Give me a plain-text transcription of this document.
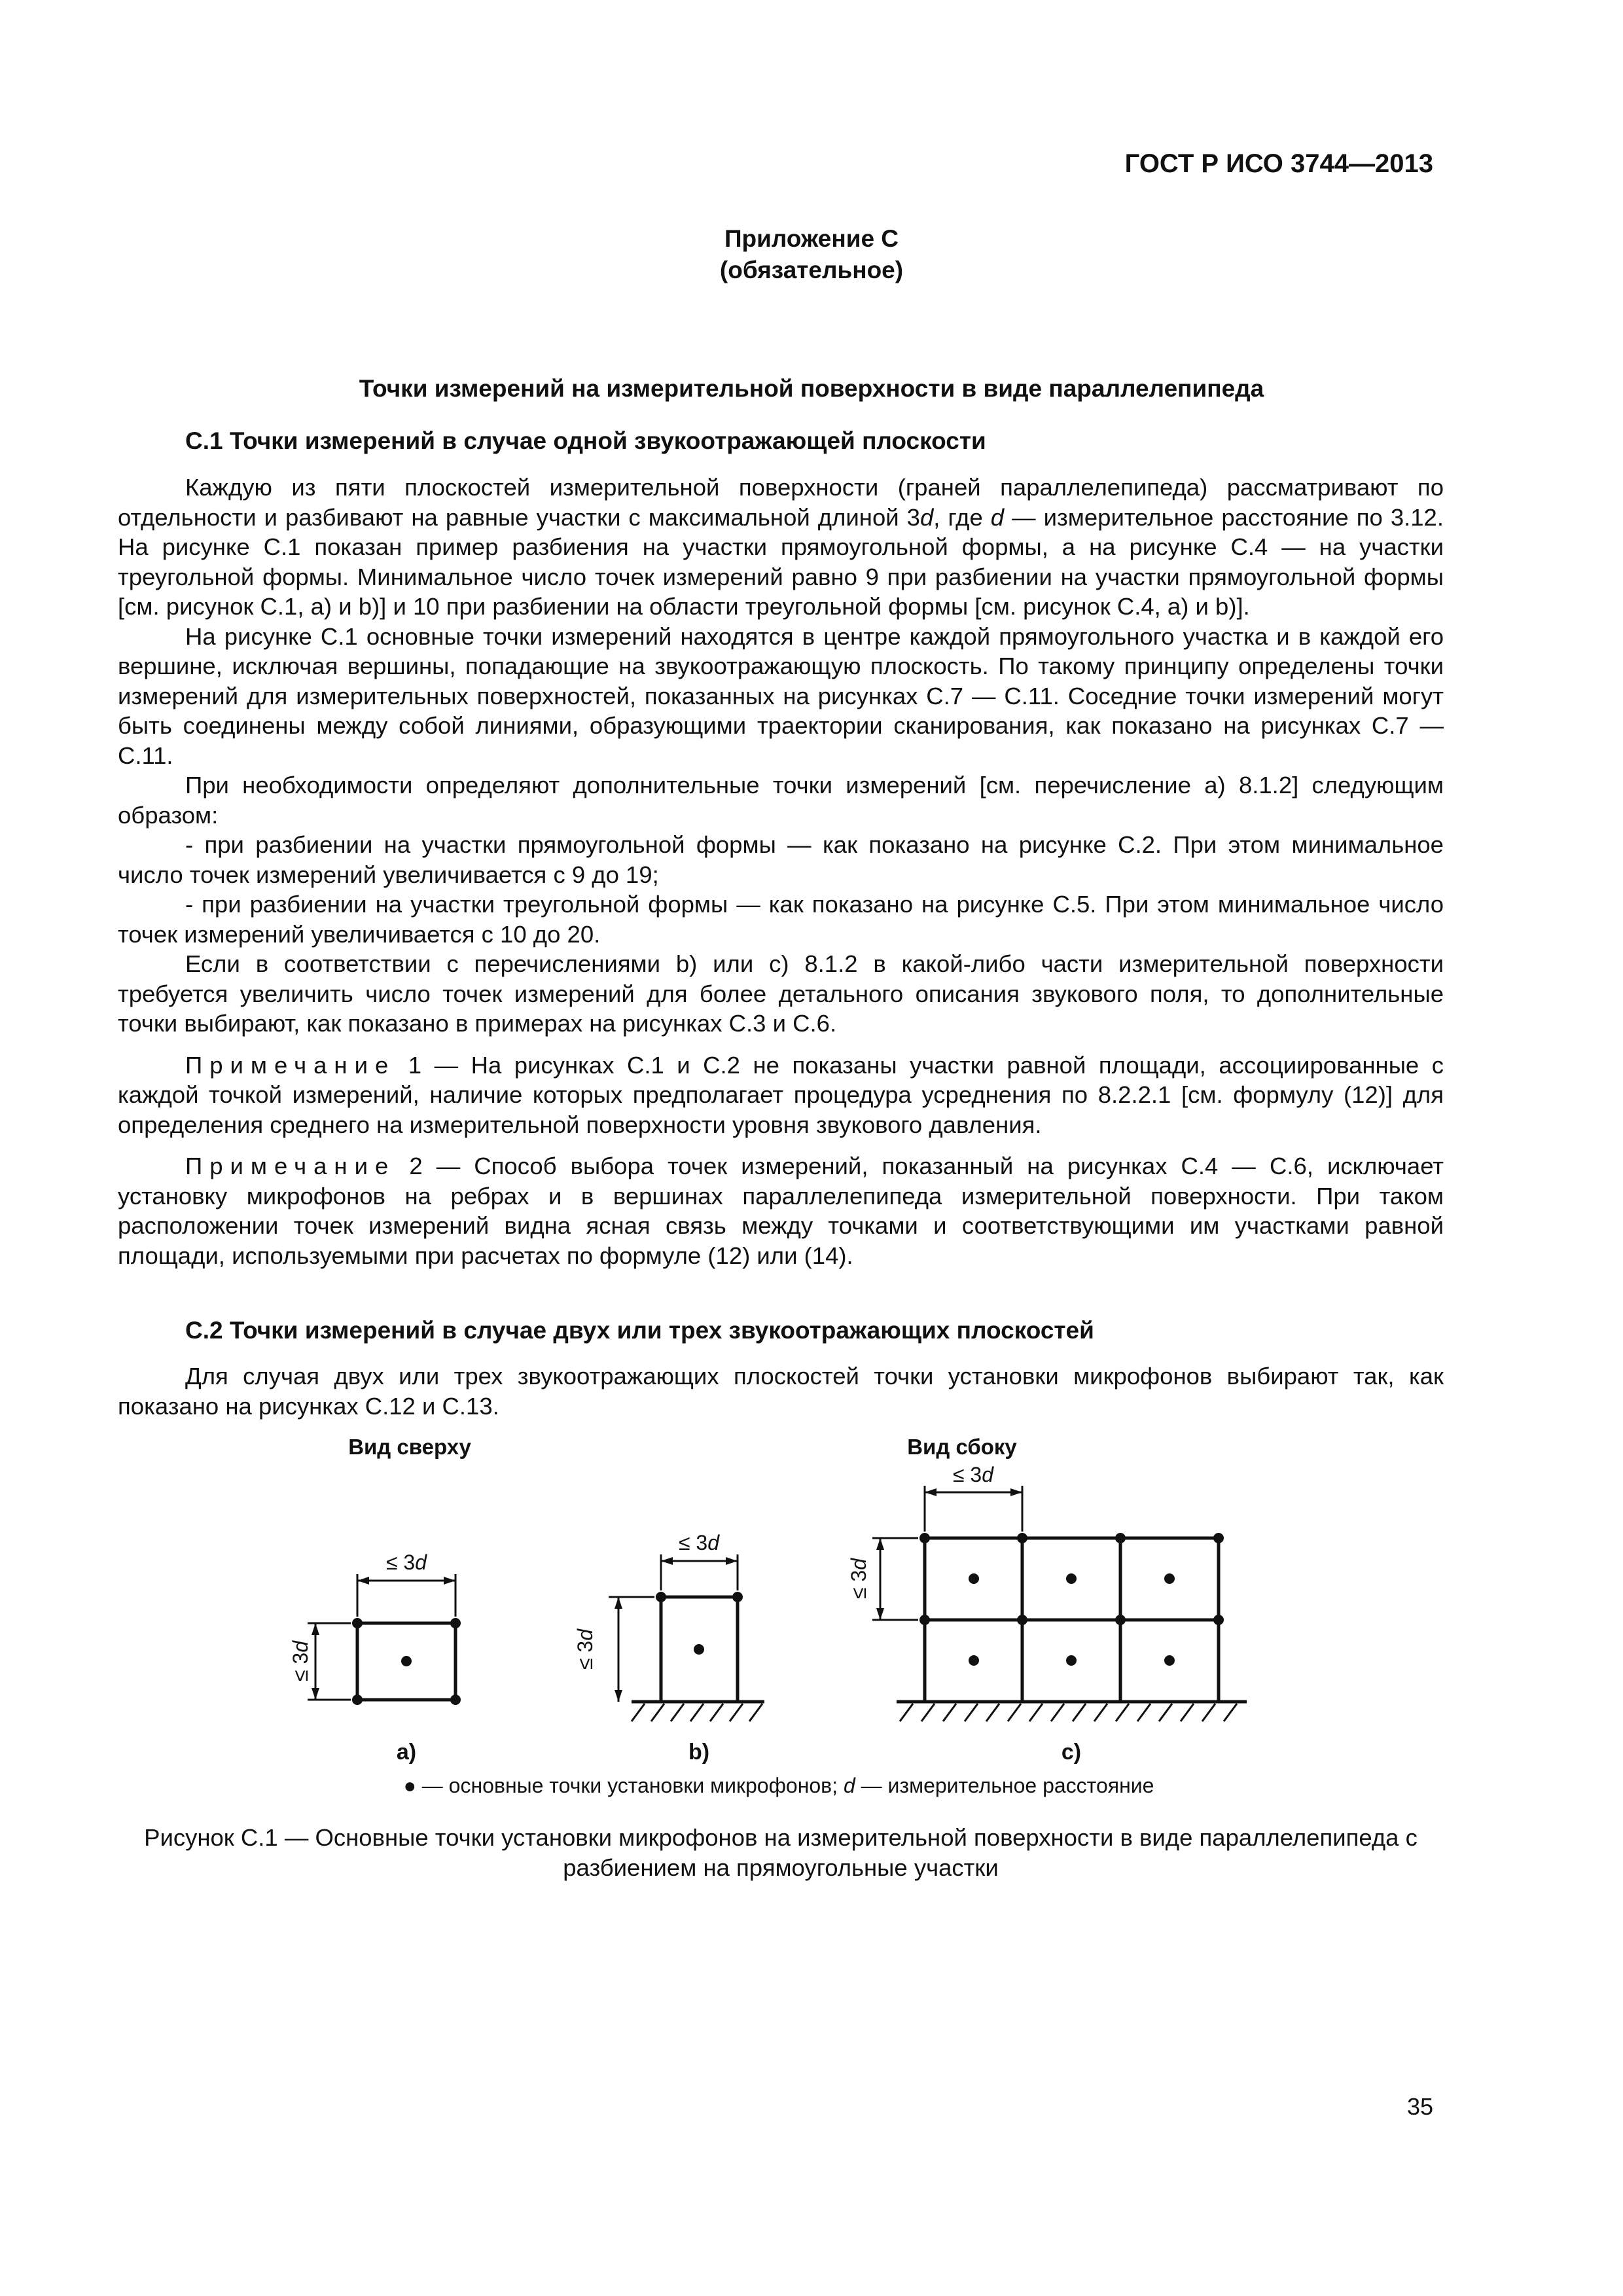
ГОСТ Р ИСО 3744—2013
Приложение С
(обязательное)
Точки измерений на измерительной поверхности в виде параллелепипеда
С.1 Точки измерений в случае одной звукоотражающей плоскости

Каждую из пяти плоскостей измерительной поверхности (граней параллелепипеда) рассматривают по отдельности и разбивают на равные участки с максимальной длиной 3d, где d — измерительное расстояние по 3.12. На рисунке С.1 показан пример разбиения на участки прямоугольной формы, а на рисунке С.4 — на участки треугольной формы. Минимальное число точек измерений равно 9 при разбиении на участки прямоугольной формы [см. рисунок С.1, а) и b)] и 10 при разбиении на области треугольной формы [см. рисунок С.4, а) и b)].

На рисунке С.1 основные точки измерений находятся в центре каждой прямоугольного участка и в каждой его вершине, исключая вершины, попадающие на звукоотражающую плоскость. По такому принципу определены точки измерений для измерительных поверхностей, показанных на рисунках С.7 — С.11. Соседние точки измерений могут быть соединены между собой линиями, образующими траектории сканирования, как показано на рисунках С.7 — С.11.

При необходимости определяют дополнительные точки измерений [см. перечисление а) 8.1.2] следующим образом:

- при разбиении на участки прямоугольной формы — как показано на рисунке С.2. При этом минимальное число точек измерений увеличивается с 9 до 19;

- при разбиении на участки треугольной формы — как показано на рисунке С.5. При этом минимальное число точек измерений увеличивается с 10 до 20.

Если в соответствии с перечислениями b) или с) 8.1.2 в какой-либо части измерительной поверхности требуется увеличить число точек измерений для более детального описания звукового поля, то дополнительные точки выбирают, как показано в примерах на рисунках С.3 и С.6.

Примечание 1 — На рисунках С.1 и С.2 не показаны участки равной площади, ассоциированные с каждой точкой измерений, наличие которых предполагает процедура усреднения по 8.2.2.1 [см. формулу (12)] для определения среднего на измерительной поверхности уровня звукового давления.

Примечание 2 — Способ выбора точек измерений, показанный на рисунках С.4 — С.6, исключает установку микрофонов на ребрах и в вершинах параллелепипеда измерительной поверхности. При таком расположении точек измерений видна ясная связь между точками и соответствующими им участками равной площади, используемыми при расчетах по формуле (12) или (14).

С.2 Точки измерений в случае двух или трех звукоотражающих плоскостей

Для случая двух или трех звукоотражающих плоскостей точки установки микрофонов выбирают так, как показано на рисунках С.12 и С.13.

Вид сверху	Вид сбоку
≤ 3d
≤ 3d
≤ 3d
≤ 3d	≤ 3d
≤ 3d
а)	b)	с)
● — основные точки установки микрофонов; d — измерительное расстояние
Рисунок С.1 — Основные точки установки микрофонов на измерительной поверхности в виде параллелепипеда с
разбиением на прямоугольные участки
35
